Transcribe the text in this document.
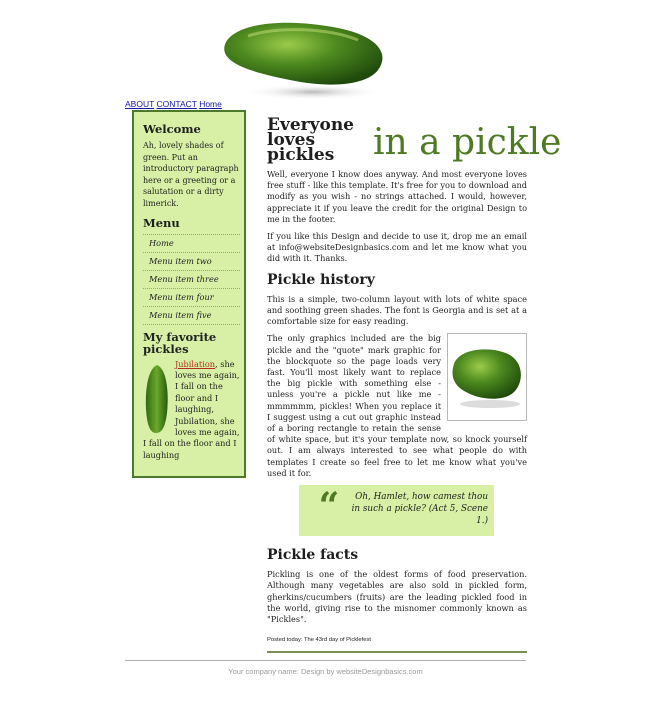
ABOUT CONTACT Home
Welcome

Ah, lovely shades of green. Put an introductory paragraph here or a greeting or a salutation or a dirty limerick.

Menu
Home
Menu item two
Menu item three
Menu item four
Menu item five
My favorite pickles
Jubilation, she loves me again, I fall on the floor and I laughing, Jubilation, she loves me again, I fall on the floor and I laughing
in a pickle
Everyone loves pickles

Well, everyone I know does anyway. And most everyone loves free stuff - like this template. It's free for you to download and modify as you wish - no strings attached. I would, however, appreciate it if you leave the credit for the original Design to me in the footer.

If you like this Design and decide to use it, drop me an email at info@websiteDesignbasics.com and let me know what you did with it. Thanks.

Pickle history

This is a simple, two-column layout with lots of white space and soothing green shades. The font is Georgia and is set at a comfortable size for easy reading.

The only graphics included are the big pickle and the "quote" mark graphic for the blockquote so the page loads very fast. You'll most likely want to replace the big pickle with something else - unless you're a pickle nut like me - mmmmmm, pickles! When you replace it I suggest using a cut out graphic instead of a boring rectangle to retain the sense of white space, but it's your template now, so knock yourself out. I am always interested to see what people do with templates I create so feel free to let me know what you've used it for.

“	Oh, Hamlet, how camest thou in such a pickle? (Act 5, Scene 1.)
Pickle facts

Pickling is one of the oldest forms of food preservation. Although many vegetables are also sold in pickled form, gherkins/cucumbers (fruits) are the leading pickled food in the world, giving rise to the misnomer commonly known as "Pickles".

Posted today: The 43rd day of Picklefest
Your company name: Design by websiteDesignbasics.com
